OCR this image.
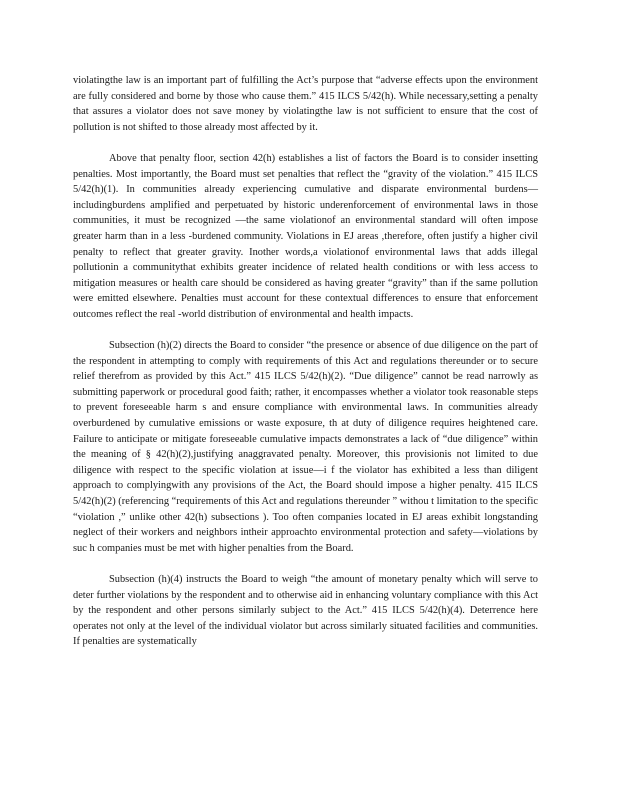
violatingthe law is an important part of fulfilling the Act’s purpose that “adverse effects upon the environment are fully considered and borne by those who cause them.” 415 ILCS 5/42(h). While necessary,setting a penalty that assures a violator does not save money by violatingthe law is not sufficient to ensure that the cost of pollution is not shifted to those already most affected by it.

Above that penalty floor, section 42(h) establishes a list of factors the Board is to consider insetting penalties. Most importantly, the Board must set penalties that reflect the “gravity of the violation.” 415 ILCS 5/42(h)(1). In communities already experiencing cumulative and disparate environmental burdens—includingburdens amplified and perpetuated by historic underenforcement of environmental laws in those communities, it must be recognized —the same violationof an environmental standard will often impose greater harm than in a less -burdened community. Violations in EJ areas ,therefore, often justify a higher civil penalty to reflect that greater gravity. Inother words,a violationof environmental laws that adds illegal pollutionin a communitythat exhibits greater incidence of related health conditions or with less access to mitigation measures or health care should be considered as having greater “gravity” than if the same pollution were emitted elsewhere. Penalties must account for these contextual differences to ensure that enforcement outcomes reflect the real -world distribution of environmental and health impacts.

Subsection (h)(2) directs the Board to consider “the presence or absence of due diligence on the part of the respondent in attempting to comply with requirements of this Act and regulations thereunder or to secure relief therefrom as provided by this Act.” 415 ILCS 5/42(h)(2). “Due diligence” cannot be read narrowly as submitting paperwork or procedural good faith; rather, it encompasses whether a violator took reasonable steps to prevent foreseeable harm s and ensure compliance with environmental laws. In communities already overburdened by cumulative emissions or waste exposure, th at duty of diligence requires heightened care. Failure to anticipate or mitigate foreseeable cumulative impacts demonstrates a lack of “due diligence” within the meaning of § 42(h)(2),justifying anaggravated penalty. Moreover, this provisionis not limited to due diligence with respect to the specific violation at issue—i f the violator has exhibited a less than diligent approach to complyingwith any provisions of the Act, the Board should impose a higher penalty. 415 ILCS 5/42(h)(2) (referencing “requirements of this Act and regulations thereunder ” withou t limitation to the specific “violation ,” unlike other 42(h) subsections ). Too often companies located in EJ areas exhibit longstanding neglect of their workers and neighbors intheir approachto environmental protection and safety—violations by suc h companies must be met with higher penalties from the Board.

Subsection (h)(4) instructs the Board to weigh “the amount of monetary penalty which will serve to deter further violations by the respondent and to otherwise aid in enhancing voluntary compliance with this Act by the respondent and other persons similarly subject to the Act.” 415 ILCS 5/42(h)(4). Deterrence here operates not only at the level of the individual violator but across similarly situated facilities and communities. If penalties are systematically
